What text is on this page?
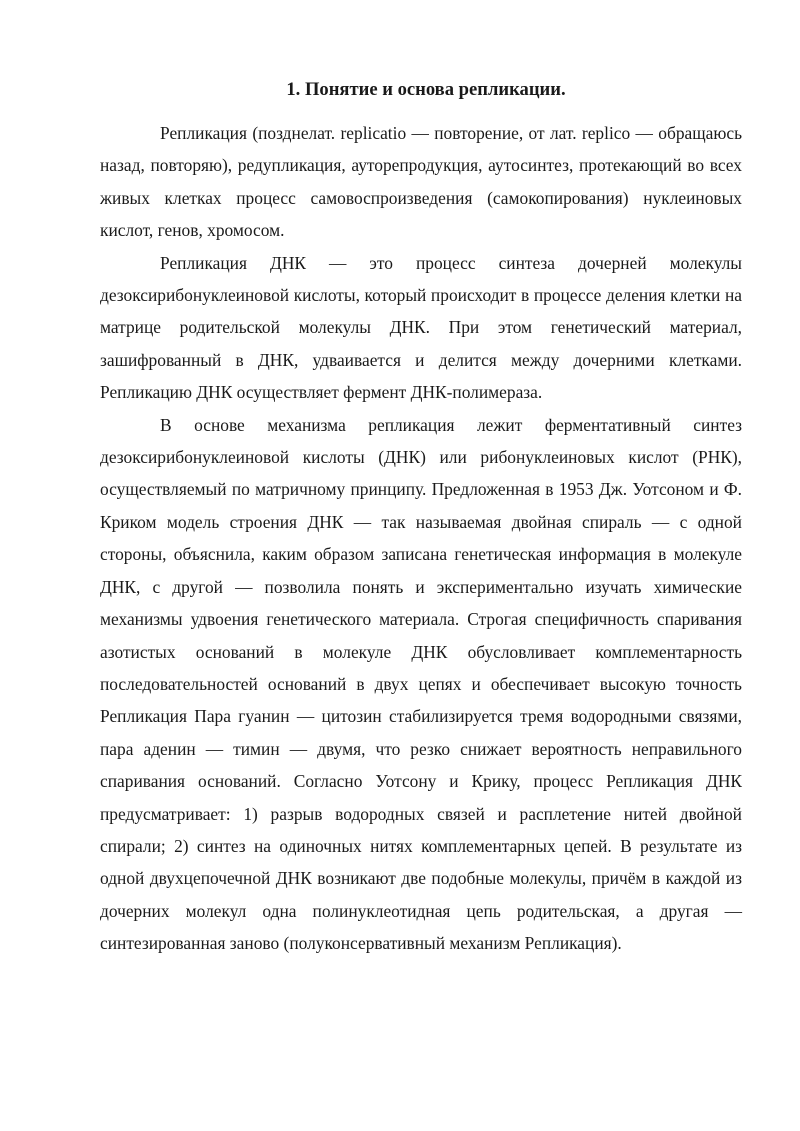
1. Понятие и основа репликации.

Репликация (позднелат. replicatio — повторение, от лат. replico — обращаюсь назад, повторяю), редупликация, ауторепродукция, аутосинтез, протекающий во всех живых клетках процесс самовоспроизведения (самокопирования) нуклеиновых кислот, генов, хромосом.

Репликация ДНК — это процесс синтеза дочерней молекулы дезоксирибонуклеиновой кислоты, который происходит в процессе деления клетки на матрице родительской молекулы ДНК. При этом генетический материал, зашифрованный в ДНК, удваивается и делится между дочерними клетками. Репликацию ДНК осуществляет фермент ДНК-полимераза.

В основе механизма репликация лежит ферментативный синтез дезоксирибонуклеиновой кислоты (ДНК) или рибонуклеиновых кислот (РНК), осуществляемый по матричному принципу. Предложенная в 1953 Дж. Уотсоном и Ф. Криком модель строения ДНК — так называемая двойная спираль — с одной стороны, объяснила, каким образом записана генетическая информация в молекуле ДНК, с другой — позволила понять и экспериментально изучать химические механизмы удвоения генетического материала. Строгая специфичность спаривания азотистых оснований в молекуле ДНК обусловливает комплементарность последовательностей оснований в двух цепях и обеспечивает высокую точность Репликация Пара гуанин — цитозин стабилизируется тремя водородными связями, пара аденин — тимин — двумя, что резко снижает вероятность неправильного спаривания оснований. Согласно Уотсону и Крику, процесс Репликация ДНК предусматривает: 1) разрыв водородных связей и расплетение нитей двойной спирали; 2) синтез на одиночных нитях комплементарных цепей. В результате из одной двухцепочечной ДНК возникают две подобные молекулы, причём в каждой из дочерних молекул одна полинуклеотидная цепь родительская, а другая — синтезированная заново (полуконсервативный механизм Репликация).
